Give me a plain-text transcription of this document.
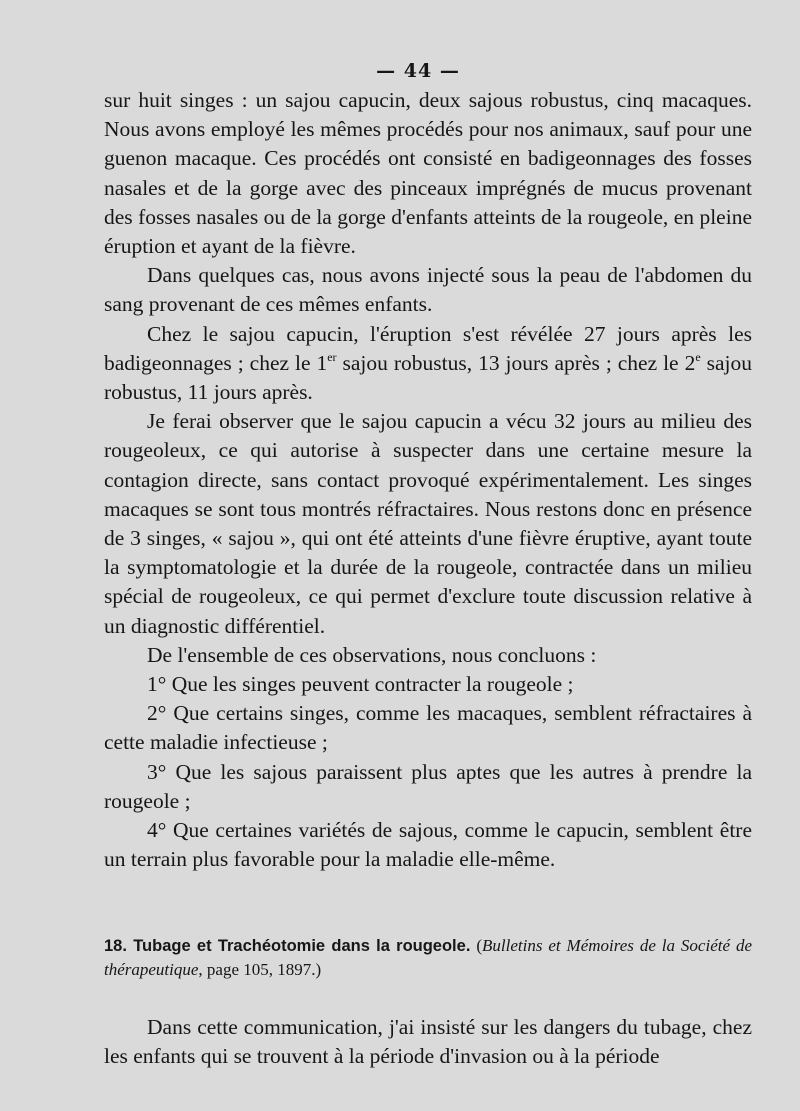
— 44 —

sur huit singes : un sajou capucin, deux sajous robustus, cinq macaques. Nous avons employé les mêmes procédés pour nos animaux, sauf pour une guenon macaque. Ces procédés ont consisté en badigeonnages des fosses nasales et de la gorge avec des pinceaux imprégnés de mucus provenant des fosses nasales ou de la gorge d'enfants atteints de la rougeole, en pleine éruption et ayant de la fièvre.

Dans quelques cas, nous avons injecté sous la peau de l'abdomen du sang provenant de ces mêmes enfants.

Chez le sajou capucin, l'éruption s'est révélée 27 jours après les badigeonnages ; chez le 1er sajou robustus, 13 jours après ; chez le 2e sajou robustus, 11 jours après.

Je ferai observer que le sajou capucin a vécu 32 jours au milieu des rougeoleux, ce qui autorise à suspecter dans une certaine mesure la contagion directe, sans contact provoqué expérimentalement. Les singes macaques se sont tous montrés réfractaires. Nous restons donc en présence de 3 singes, « sajou », qui ont été atteints d'une fièvre éruptive, ayant toute la symptomatologie et la durée de la rougeole, contractée dans un milieu spécial de rougeoleux, ce qui permet d'exclure toute discussion relative à un diagnostic différentiel.

De l'ensemble de ces observations, nous concluons :

1° Que les singes peuvent contracter la rougeole ;

2° Que certains singes, comme les macaques, semblent réfractaires à cette maladie infectieuse ;

3° Que les sajous paraissent plus aptes que les autres à prendre la rougeole ;

4° Que certaines variétés de sajous, comme le capucin, semblent être un terrain plus favorable pour la maladie elle-même.

18. Tubage et Trachéotomie dans la rougeole. (Bulletins et Mémoires de la Société de thérapeutique, page 105, 1897.)

Dans cette communication, j'ai insisté sur les dangers du tubage, chez les enfants qui se trouvent à la période d'invasion ou à la période
